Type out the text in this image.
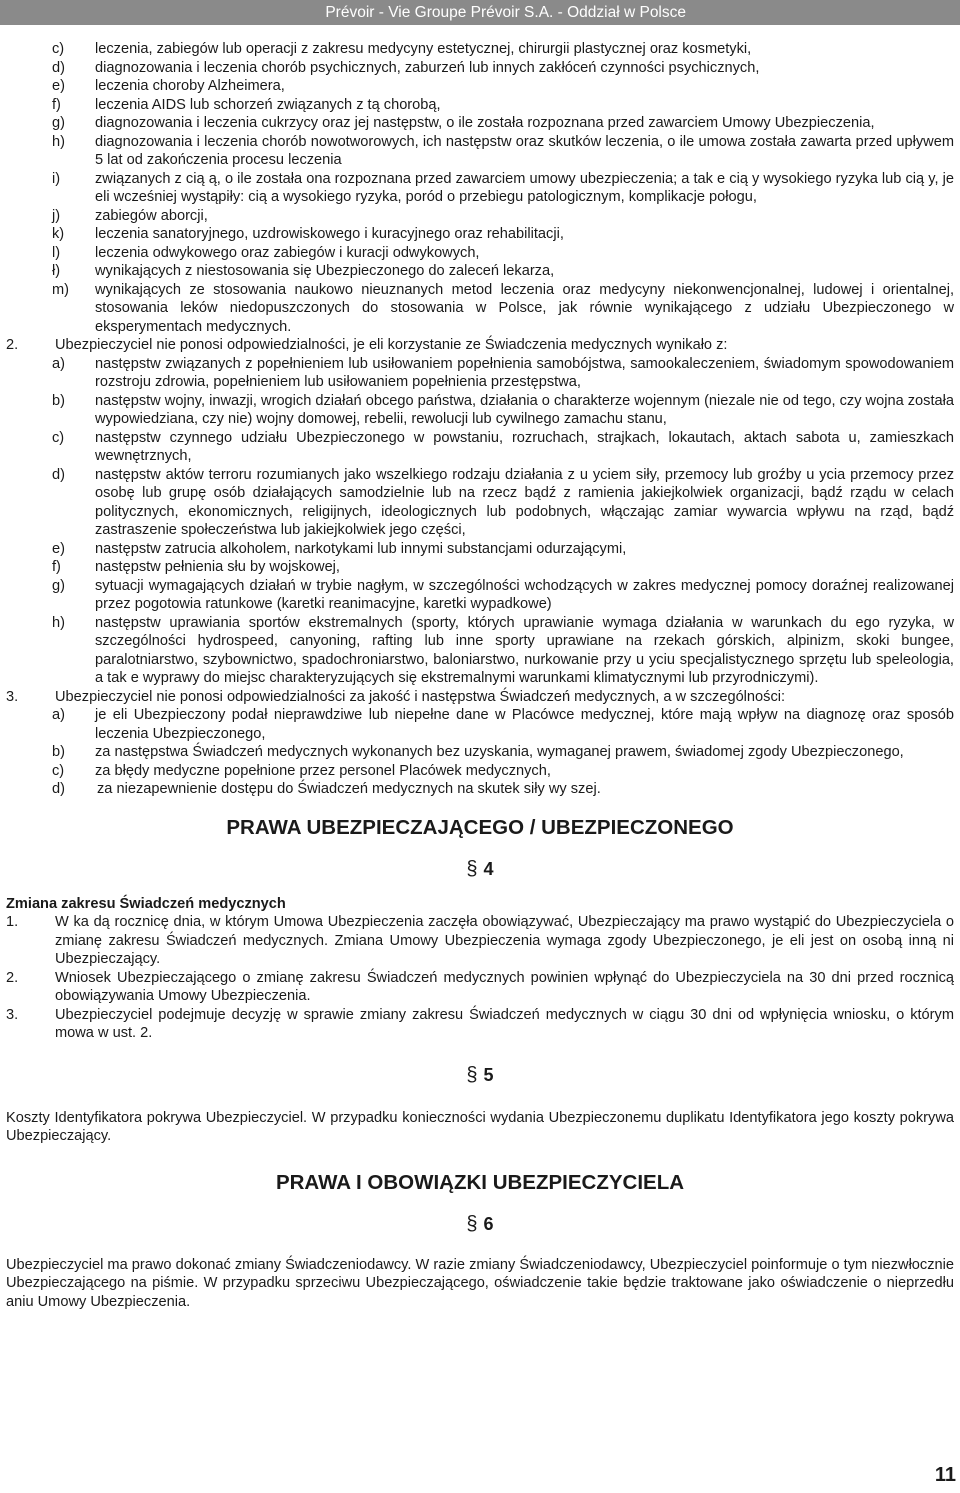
Prévoir - Vie Groupe Prévoir S.A. - Oddział w Polsce
c) leczenia, zabiegów lub operacji z zakresu medycyny estetycznej, chirurgii plastycznej oraz kosmetyki,
d) diagnozowania i leczenia chorób psychicznych, zaburzeń lub innych zakłóceń czynności psychicznych,
e) leczenia choroby Alzheimera,
f) leczenia AIDS lub schorzeń związanych z tą chorobą,
g) diagnozowania i leczenia cukrzycy oraz jej następstw, o ile została rozpoznana przed zawarciem Umowy Ubezpieczenia,
h) diagnozowania i leczenia chorób nowotworowych, ich następstw oraz skutków leczenia, o ile umowa została zawarta przed upływem 5 lat od zakończenia procesu leczenia
i) związanych z cią ą, o ile została ona rozpoznana przed zawarciem umowy ubezpieczenia; a tak e cią y wysokiego ryzyka lub cią y, je eli wcześniej wystąpiły: cią a wysokiego ryzyka, poród o przebiegu patologicznym, komplikacje połogu,
j) zabiegów aborcji,
k) leczenia sanatoryjnego, uzdrowiskowego i kuracyjnego oraz rehabilitacji,
l) leczenia odwykowego oraz zabiegów i kuracji odwykowych,
ł) wynikających z niestosowania się Ubezpieczonego do zaleceń lekarza,
m) wynikających ze stosowania naukowo nieuznanych metod leczenia oraz medycyny niekonwencjonalnej, ludowej i orientalnej, stosowania leków niedopuszczonych do stosowania w Polsce, jak równie wynikającego z udziału Ubezpieczonego w eksperymentach medycznych.
2.	Ubezpieczyciel nie ponosi odpowiedzialności, je eli korzystanie ze Świadczenia medycznych wynikało z:
a) następstw związanych z popełnieniem lub usiłowaniem popełnienia samobójstwa, samookaleczeniem, świadomym spowodowaniem rozstroju zdrowia, popełnieniem lub usiłowaniem popełnienia przestępstwa,
b) następstw wojny, inwazji, wrogich działań obcego państwa, działania o charakterze wojennym (niezale nie od tego, czy wojna została wypowiedziana, czy nie) wojny domowej, rebelii, rewolucji lub cywilnego zamachu stanu,
c) następstw czynnego udziału Ubezpieczonego w powstaniu, rozruchach, strajkach, lokautach, aktach sabota u, zamieszkach wewnętrznych,
d) następstw aktów terroru rozumianych jako wszelkiego rodzaju działania z u yciem siły, przemocy lub groźby u ycia przemocy przez osobę lub grupę osób działających samodzielnie lub na rzecz bądź z ramienia jakiejkolwiek organizacji, bądź rządu w celach politycznych, ekonomicznych, religijnych, ideologicznych lub podobnych, włączając zamiar wywarcia wpływu na rząd, bądź zastraszenie społeczeństwa lub jakiejkolwiek jego części,
e) następstw zatrucia alkoholem, narkotykami lub innymi substancjami odurzającymi,
f) następstw pełnienia słu by wojskowej,
g) sytuacji wymagających działań w trybie nagłym, w szczególności wchodzących w zakres medycznej pomocy doraźnej realizowanej przez pogotowia ratunkowe (karetki reanimacyjne, karetki wypadkowe)
h) następstw uprawiania sportów ekstremalnych (sporty, których uprawianie wymaga działania w warunkach du ego ryzyka, w szczególności hydrospeed, canyoning, rafting lub inne sporty uprawiane na rzekach górskich, alpinizm, skoki bungee, paralotniarstwo, szybownictwo, spadochroniarstwo, baloniarstwo, nurkowanie przy u yciu specjalistycznego sprzętu lub speleologia, a tak e wyprawy do miejsc charakteryzujących się ekstremalnymi warunkami klimatycznymi lub przyrodniczymi).
3.	Ubezpieczyciel nie ponosi odpowiedzialności za jakość i następstwa Świadczeń medycznych, a w szczególności:
a) je eli Ubezpieczony podał nieprawdziwe lub niepełne dane w Placówce medycznej, które mają wpływ na diagnozę oraz sposób leczenia Ubezpieczonego,
b) za następstwa Świadczeń medycznych wykonanych bez uzyskania, wymaganej prawem, świadomej zgody Ubezpieczonego,
c) za błędy medyczne popełnione przez personel Placówek medycznych,
d) za niezapewnienie dostępu do Świadczeń medycznych na skutek siły wy szej.
PRAWA UBEZPIECZAJĄCEGO / UBEZPIECZONEGO
§ 4
Zmiana zakresu Świadczeń medycznych
1.	W ka dą rocznicę dnia, w którym Umowa Ubezpieczenia zaczęła obowiązywać, Ubezpieczający ma prawo wystąpić do Ubezpieczyciela o zmianę zakresu Świadczeń medycznych. Zmiana Umowy Ubezpieczenia wymaga zgody Ubezpieczonego, je eli jest on osobą inną ni Ubezpieczający.
2.	Wniosek Ubezpieczającego o zmianę zakresu Świadczeń medycznych powinien wpłynąć do Ubezpieczyciela na 30 dni przed rocznicą obowiązywania Umowy Ubezpieczenia.
3.	Ubezpieczyciel podejmuje decyzję w sprawie zmiany zakresu Świadczeń medycznych w ciągu 30 dni od wpłynięcia wniosku, o którym mowa w ust. 2.
§ 5
Koszty Identyfikatora pokrywa Ubezpieczyciel. W przypadku konieczności wydania Ubezpieczonemu duplikatu Identyfikatora jego koszty pokrywa Ubezpieczający.
PRAWA I OBOWIĄZKI UBEZPIECZYCIELA
§ 6
Ubezpieczyciel ma prawo dokonać zmiany Świadczeniodawcy. W razie zmiany Świadczeniodawcy, Ubezpieczyciel poinformuje o tym niezwłocznie Ubezpieczającego na piśmie. W przypadku sprzeciwu Ubezpieczającego, oświadczenie takie będzie traktowane jako oświadczenie o nieprzedłu aniu Umowy Ubezpieczenia.
11
